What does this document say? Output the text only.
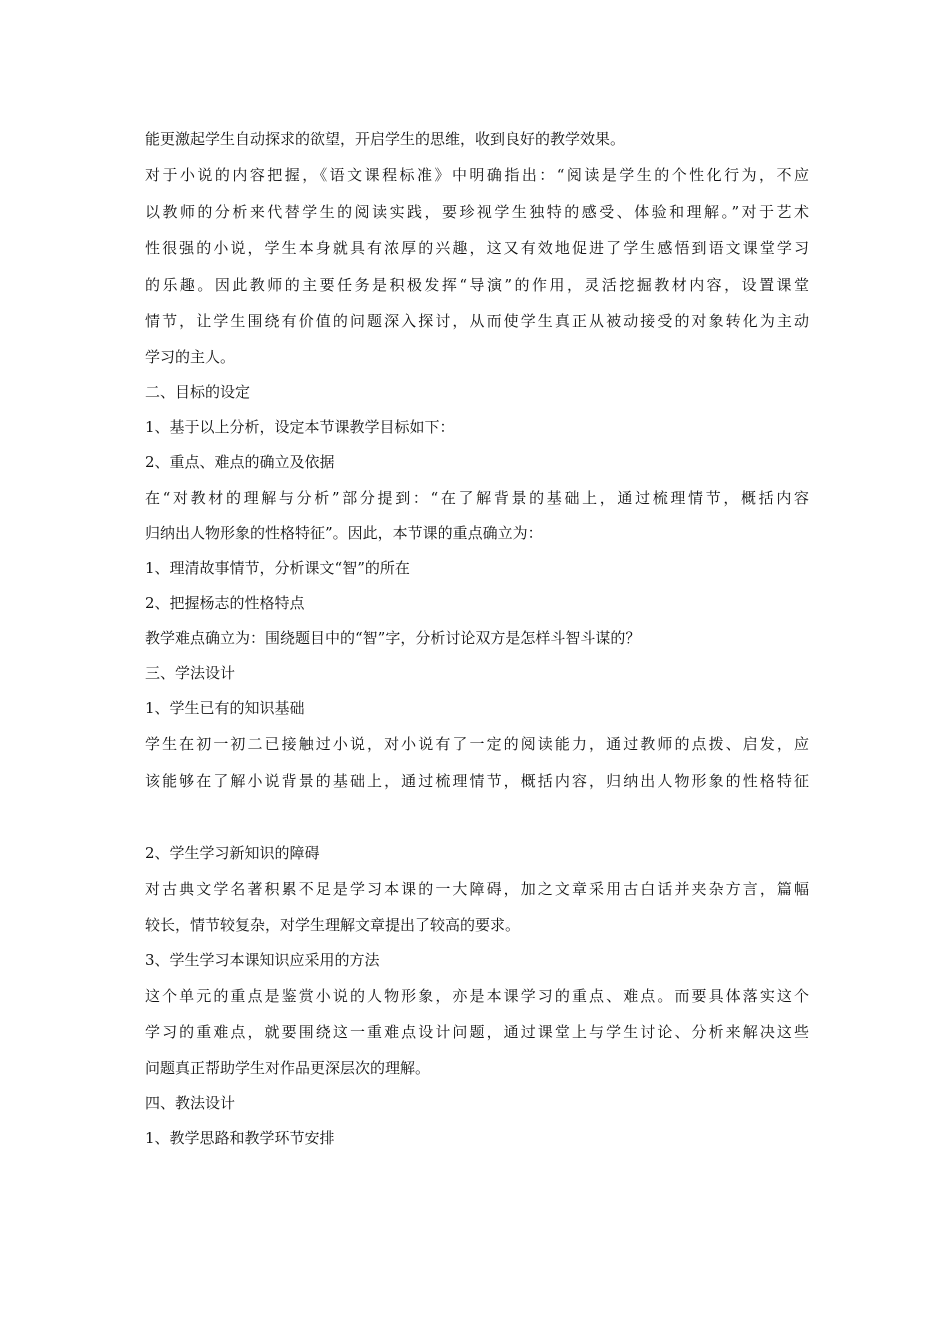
能更激起学生自动探求的欲望，开启学生的思维，收到良好的教学效果。

对于小说的内容把握，《语文课程标准》中明确指出：“阅读是学生的个性化行为，不应

以教师的分析来代替学生的阅读实践，要珍视学生独特的感受、体验和理解。”对于艺术

性很强的小说，学生本身就具有浓厚的兴趣，这又有效地促进了学生感悟到语文课堂学习

的乐趣。因此教师的主要任务是积极发挥“导演”的作用，灵活挖掘教材内容，设置课堂

情节，让学生围绕有价值的问题深入探讨，从而使学生真正从被动接受的对象转化为主动

学习的主人。

二、目标的设定

1、基于以上分析，设定本节课教学目标如下：

2、重点、难点的确立及依据

在“对教材的理解与分析”部分提到：“在了解背景的基础上，通过梳理情节，概括内容

归纳出人物形象的性格特征”。因此，本节课的重点确立为：

1、理清故事情节，分析课文“智”的所在

2、把握杨志的性格特点

教学难点确立为：围绕题目中的“智”字，分析讨论双方是怎样斗智斗谋的？

三、学法设计

1、学生已有的知识基础

学生在初一初二已接触过小说，对小说有了一定的阅读能力，通过教师的点拨、启发，应

该能够在了解小说背景的基础上，通过梳理情节，概括内容，归纳出人物形象的性格特征

2、学生学习新知识的障碍

对古典文学名著积累不足是学习本课的一大障碍，加之文章采用古白话并夹杂方言，篇幅

较长，情节较复杂，对学生理解文章提出了较高的要求。

3、学生学习本课知识应采用的方法

这个单元的重点是鉴赏小说的人物形象，亦是本课学习的重点、难点。而要具体落实这个

学习的重难点，就要围绕这一重难点设计问题，通过课堂上与学生讨论、分析来解决这些

问题真正帮助学生对作品更深层次的理解。

四、教法设计

1、教学思路和教学环节安排
